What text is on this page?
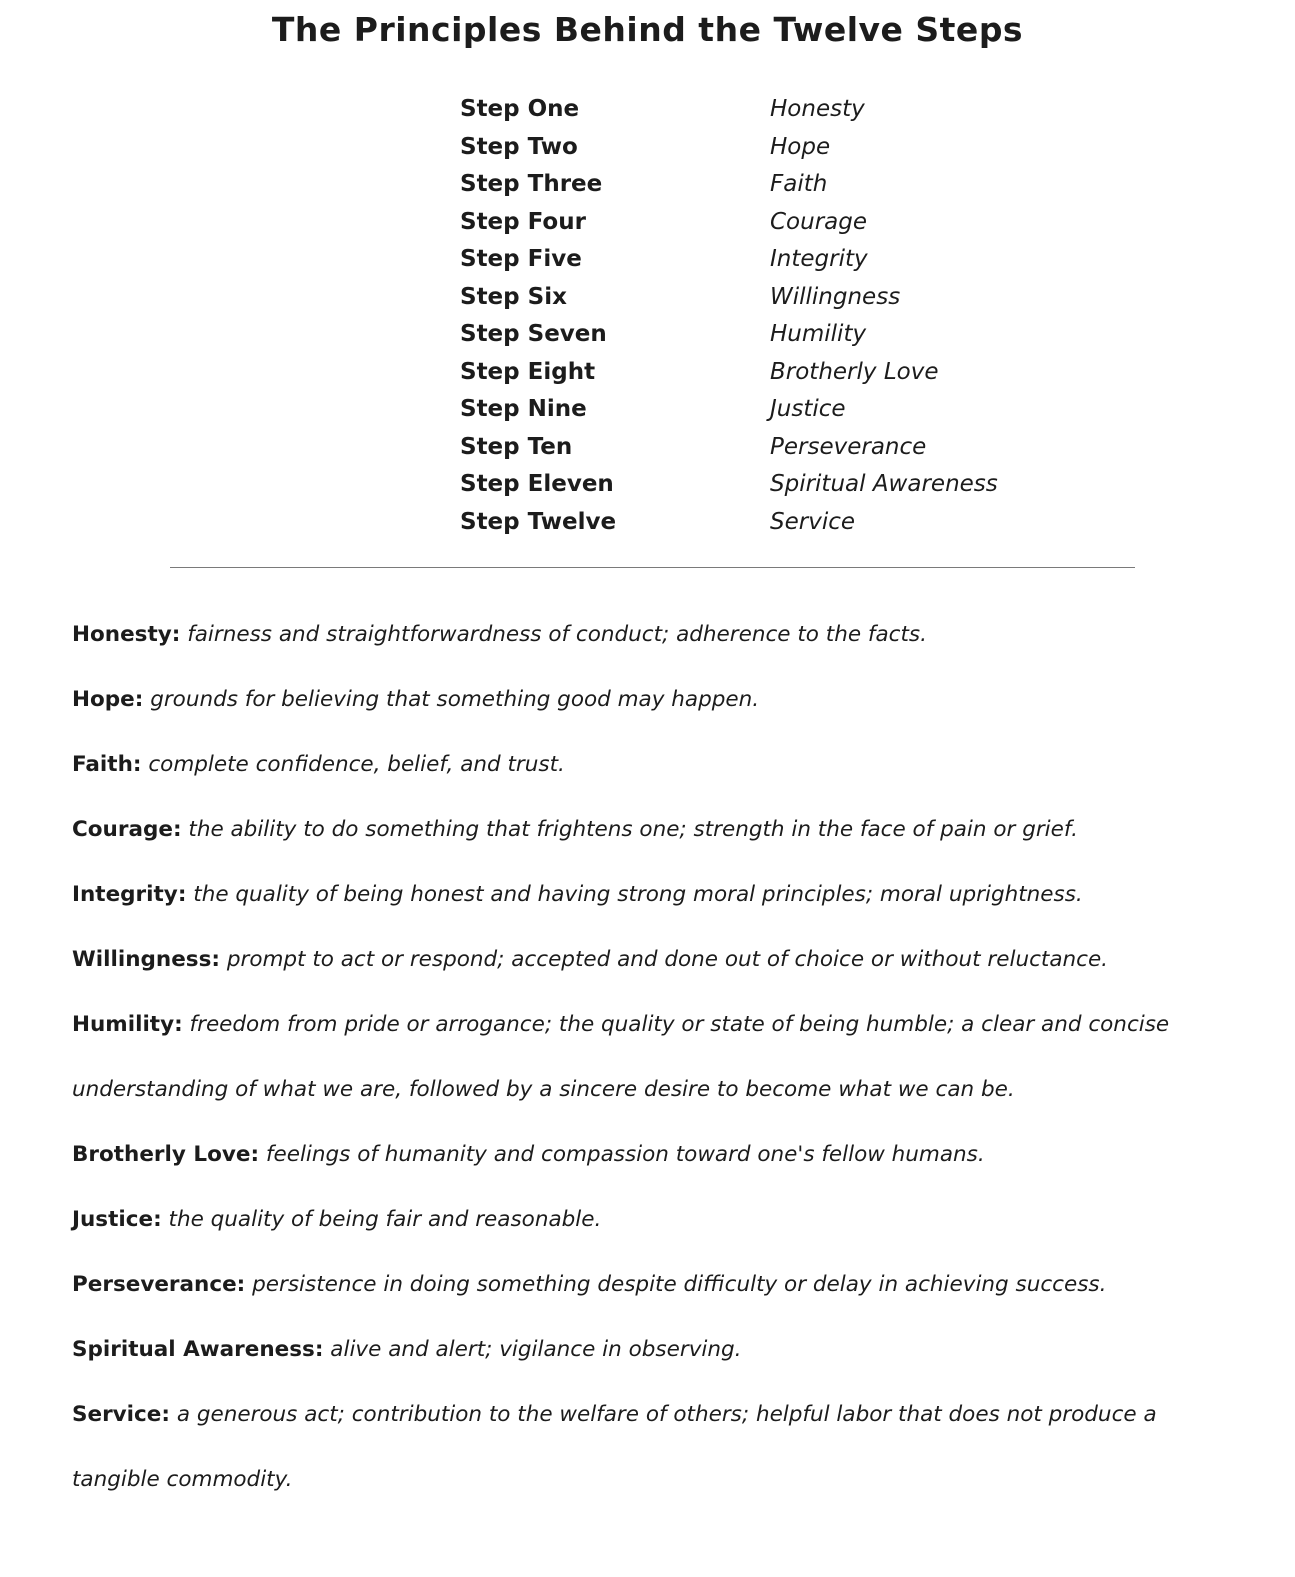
The Principles Behind the Twelve Steps
Step One	Honesty
Step Two	Hope
Step Three	Faith
Step Four	Courage
Step Five	Integrity
Step Six	Willingness
Step Seven	Humility
Step Eight	Brotherly Love
Step Nine	Justice
Step Ten	Perseverance
Step Eleven	Spiritual Awareness
Step Twelve	Service

Honesty: fairness and straightforwardness of conduct; adherence to the facts.

Hope: grounds for believing that something good may happen.

Faith: complete confidence, belief, and trust.

Courage: the ability to do something that frightens one; strength in the face of pain or grief.

Integrity: the quality of being honest and having strong moral principles; moral uprightness.

Willingness: prompt to act or respond; accepted and done out of choice or without reluctance.

Humility: freedom from pride or arrogance; the quality or state of being humble; a clear and concise understanding of what we are, followed by a sincere desire to become what we can be.

Brotherly Love: feelings of humanity and compassion toward one's fellow humans.

Justice: the quality of being fair and reasonable.

Perseverance: persistence in doing something despite difficulty or delay in achieving success.

Spiritual Awareness: alive and alert; vigilance in observing.

Service: a generous act; contribution to the welfare of others; helpful labor that does not produce a tangible commodity.
